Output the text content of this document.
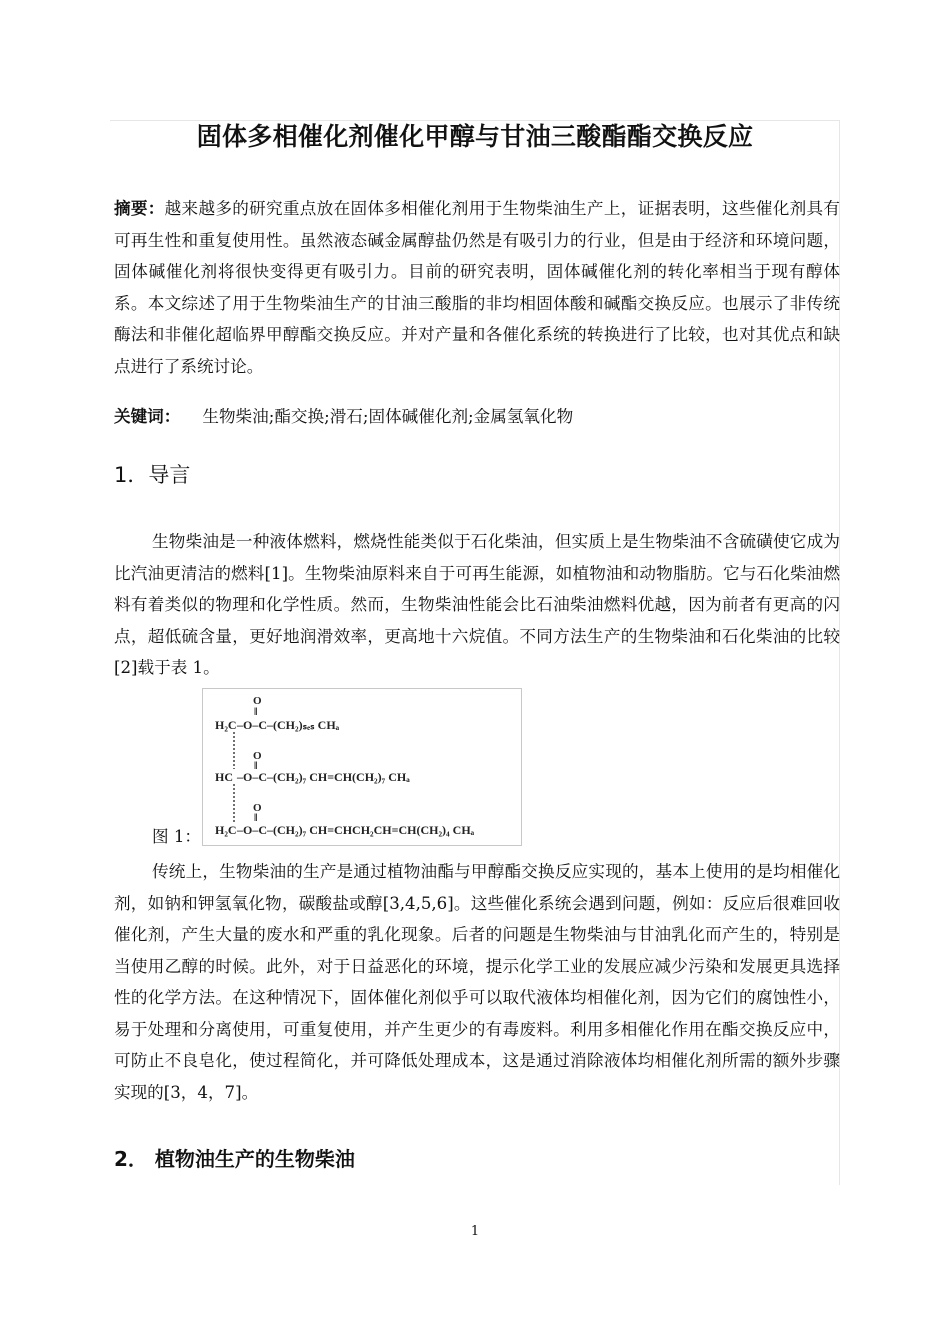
固体多相催化剂催化甲醇与甘油三酸酯酯交换反应
摘要：越来越多的研究重点放在固体多相催化剂用于生物柴油生产上，证据表明，这些催化剂具有可再生性和重复使用性。虽然液态碱金属醇盐仍然是有吸引力的行业，但是由于经济和环境问题，固体碱催化剂将很快变得更有吸引力。目前的研究表明，固体碱催化剂的转化率相当于现有醇体系。本文综述了用于生物柴油生产的甘油三酸脂的非均相固体酸和碱酯交换反应。也展示了非传统酶法和非催化超临界甲醇酯交换反应。并对产量和各催化系统的转换进行了比较，也对其优点和缺点进行了系统讨论。
关键词： 生物柴油;酯交换;滑石;固体碱催化剂;金属氢氧化物
1．导言
生物柴油是一种液体燃料，燃烧性能类似于石化柴油，但实质上是生物柴油不含硫磺使它成为比汽油更清洁的燃料[1]。生物柴油原料来自于可再生能源，如植物油和动物脂肪。它与石化柴油燃料有着类似的物理和化学性质。然而，生物柴油性能会比石油柴油燃料优越，因为前者有更高的闪点，超低硫含量，更好地润滑效率，更高地十六烷值。不同方法生产的生物柴油和石化柴油的比较[2]载于表 1。
图 1：
O
‖
H₂C –O–C–(CH₂)ₛₑₛ CHₐ
O
‖
HC –O–C–(CH₂)₇ CH=CH(CH₂)₇ CHₐ
O
‖
H₂C –O–C–(CH₂)₇ CH=CHCH₂CH=CH(CH₂)₄ CHₐ
传统上，生物柴油的生产是通过植物油酯与甲醇酯交换反应实现的，基本上使用的是均相催化剂，如钠和钾氢氧化物，碳酸盐或醇[3,4,5,6]。这些催化系统会遇到问题，例如：反应后很难回收催化剂，产生大量的废水和严重的乳化现象。后者的问题是生物柴油与甘油乳化而产生的，特别是当使用乙醇的时候。此外，对于日益恶化的环境，提示化学工业的发展应减少污染和发展更具选择性的化学方法。在这种情况下，固体催化剂似乎可以取代液体均相催化剂，因为它们的腐蚀性小，易于处理和分离使用，可重复使用，并产生更少的有毒废料。利用多相催化作用在酯交换反应中，可防止不良皂化，使过程简化，并可降低处理成本，这是通过消除液体均相催化剂所需的额外步骤实现的[3，4，7]。
2． 植物油生产的生物柴油
1
